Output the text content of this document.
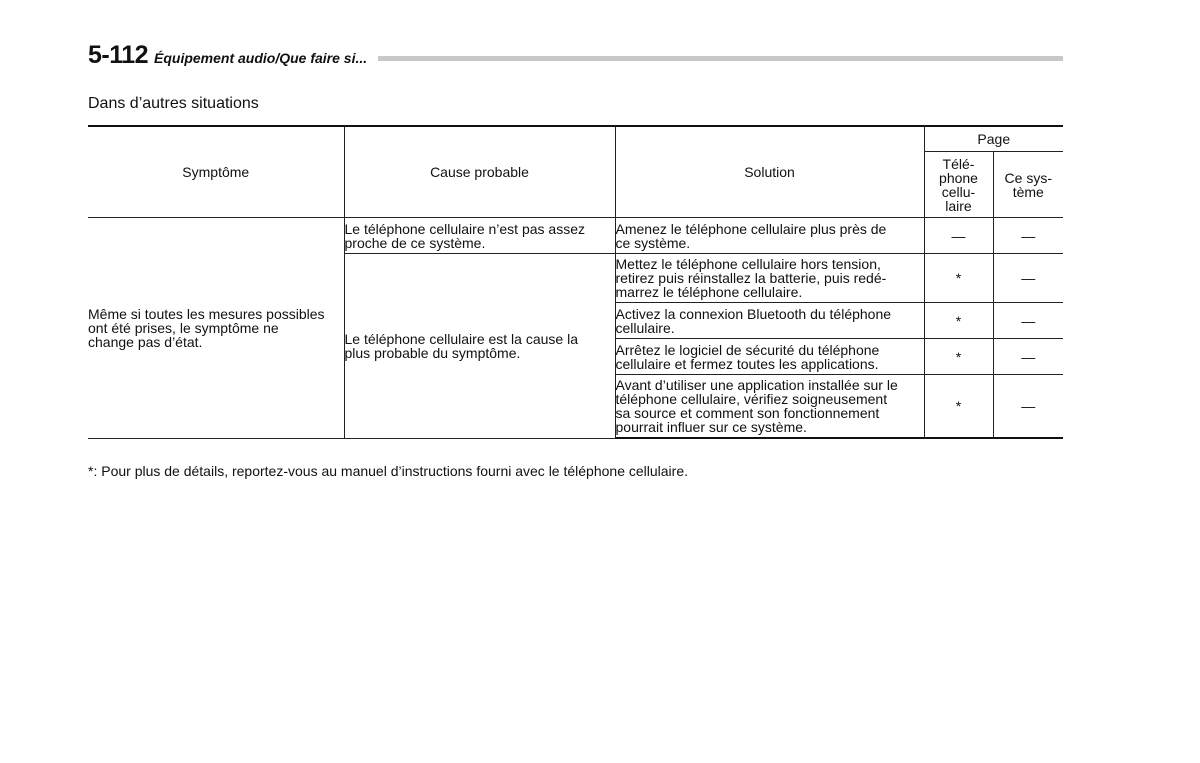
5-112 Équipement audio/Que faire si...
Dans d’autres situations
Symptôme	Cause probable	Solution	Page	

			Télé-
phone
cellu-
laire	Ce sys-
tème

Même si toutes les mesures possibles
ont été prises, le symptôme ne
change pas d’état.	Le téléphone cellulaire n’est pas assez
proche de ce système.	Amenez le téléphone cellulaire plus près de
ce système.	—	—

	Le téléphone cellulaire est la cause la
plus probable du symptôme.	Mettez le téléphone cellulaire hors tension,
retirez puis réinstallez la batterie, puis redé-
marrez le téléphone cellulaire.	*	—

		Activez la connexion Bluetooth du téléphone
cellulaire.	*	—

		Arrêtez le logiciel de sécurité du téléphone
cellulaire et fermez toutes les applications.	*	—

		Avant d’utiliser une application installée sur le
téléphone cellulaire, vérifiez soigneusement
sa source et comment son fonctionnement
pourrait influer sur ce système.	*	—
*: Pour plus de détails, reportez-vous au manuel d’instructions fourni avec le téléphone cellulaire.
